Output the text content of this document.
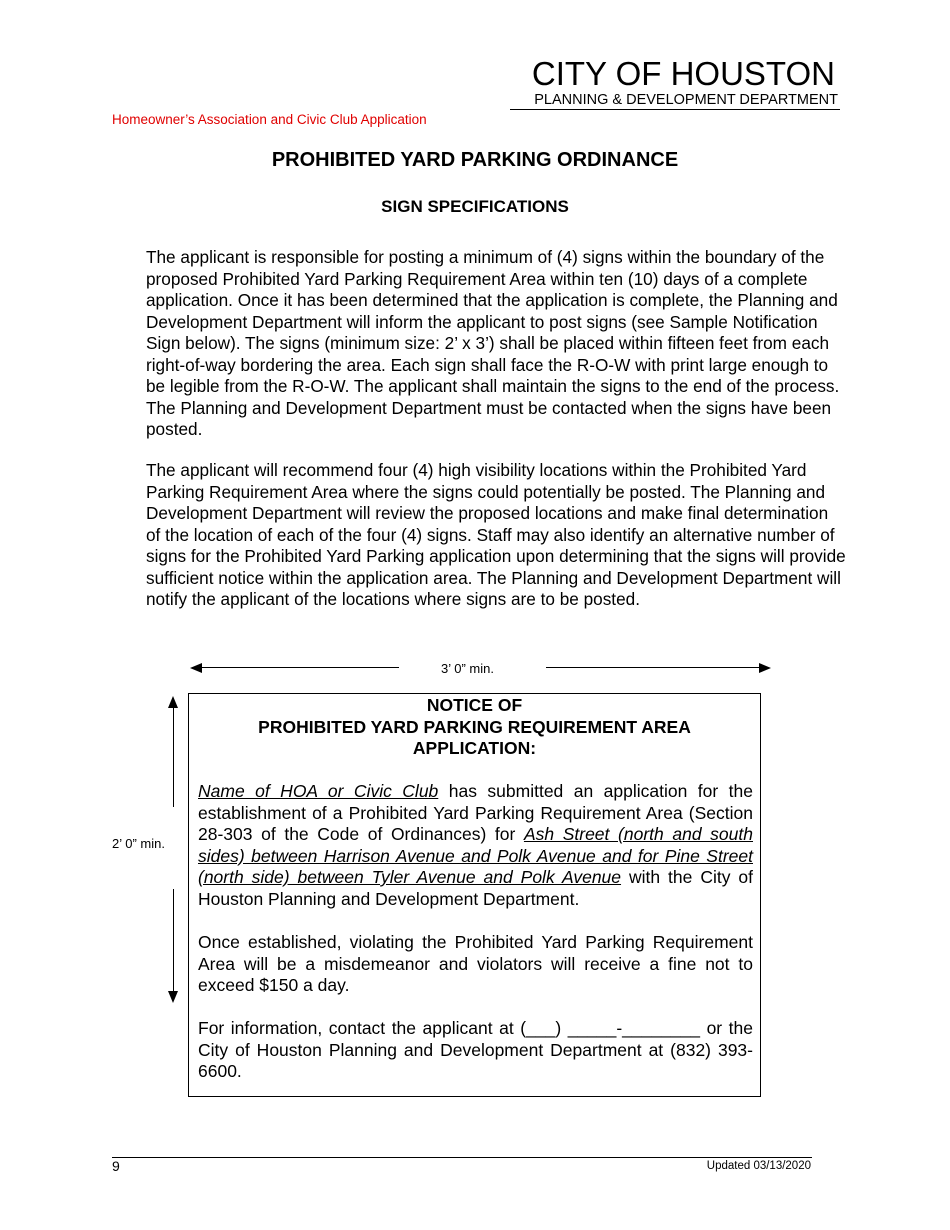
CITY OF HOUSTON
PLANNING & DEVELOPMENT DEPARTMENT
Homeowner’s Association and Civic Club Application
PROHIBITED YARD PARKING ORDINANCE
SIGN SPECIFICATIONS

The applicant is responsible for posting a minimum of (4) signs within the boundary of the proposed Prohibited Yard Parking Requirement Area within ten (10) days of a complete application. Once it has been determined that the application is complete, the Planning and Development Department will inform the applicant to post signs (see Sample Notification Sign below). The signs (minimum size: 2’ x 3’) shall be placed within fifteen feet from each right-of-way bordering the area. Each sign shall face the R-O-W with print large enough to be legible from the R-O-W. The applicant shall maintain the signs to the end of the process. The Planning and Development Department must be contacted when the signs have been posted.

The applicant will recommend four (4) high visibility locations within the Prohibited Yard Parking Requirement Area where the signs could potentially be posted. The Planning and Development Department will review the proposed locations and make final determination of the location of each of the four (4) signs. Staff may also identify an alternative number of signs for the Prohibited Yard Parking application upon determining that the signs will provide sufficient notice within the application area. The Planning and Development Department will notify the applicant of the locations where signs are to be posted.

3’ 0” min.
2’ 0” min.
NOTICE OF
PROHIBITED YARD PARKING REQUIREMENT AREA
APPLICATION:

Name of HOA or Civic Club has submitted an application for the establishment of a Prohibited Yard Parking Requirement Area (Section 28-303 of the Code of Ordinances) for Ash Street (north and south sides) between Harrison Avenue and Polk Avenue and for Pine Street (north side) between Tyler Avenue and Polk Avenue with the City of Houston Planning and Development Department.

Once established, violating the Prohibited Yard Parking Requirement Area will be a misdemeanor and violators will receive a fine not to exceed $150 a day.

For information, contact the applicant at (___) _____-________ or the City of Houston Planning and Development Department at (832) 393-6600.

9	Updated 03/13/2020
